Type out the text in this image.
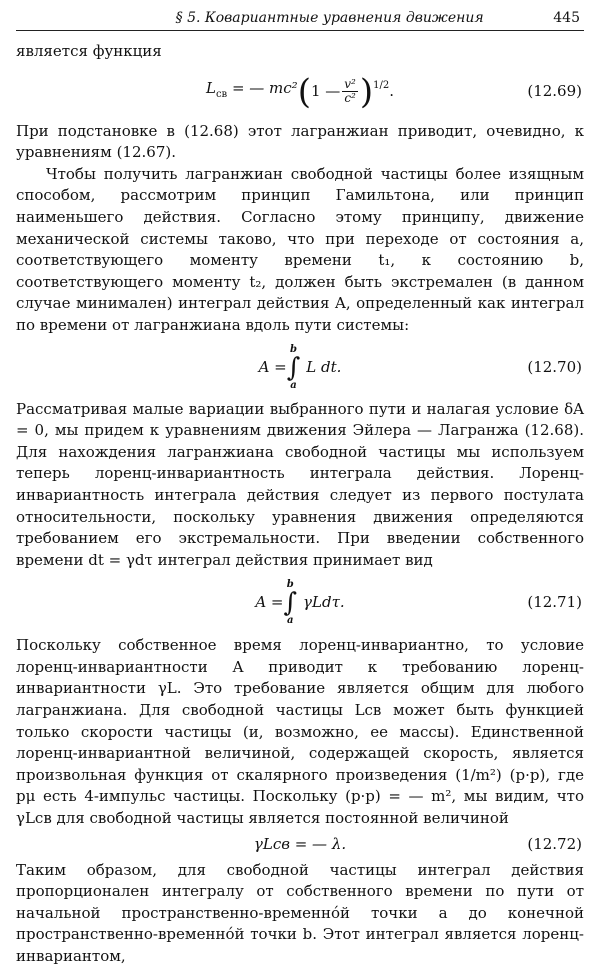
§ 5. Ковариантные уравнения движения	445

является функция

$L_{св}$ = — mc² ( 1 — $\frac{\text{v²}}{\text{c²}} )^{1/2}$ .	(12.69)

При подстановке в (12.68) этот лагранжиан приводит, очевидно, к уравнениям (12.67).

Чтобы получить лагранжиан свободной частицы более изящным способом, рассмотрим принцип Гамильтона, или принцип наименьшего действия. Согласно этому принципу, движение механической системы таково, что при переходе от состояния a, соответствующего моменту времени t₁, к состоянию b, соответствующего моменту t₂, должен быть экстремален (в данном случае минимален) интеграл действия A, определенный как интеграл по времени от лагранжиана вдоль пути системы:

A =
b
∫
a
L dt.	(12.70)

Рассматривая малые вариации выбранного пути и налагая условие δA = 0, мы придем к уравнениям движения Эйлера — Лагранжа (12.68). Для нахождения лагранжиана свободной частицы мы используем теперь лоренц-инвариантность интеграла действия. Лоренц-инвариантность интеграла действия следует из первого постулата относительности, поскольку уравнения движения определяются требованием его экстремальности. При введении собственного времени dt = γdτ интеграл действия принимает вид

A =
b
∫
a
γLdτ.	(12.71)

Поскольку собственное время лоренц-инвариантно, то условие лоренц-инвариантности A приводит к требованию лоренц-инвариантности γL. Это требование является общим для любого лагранжиана. Для свободной частицы Lсв может быть функцией только скорости частицы (и, возможно, ее массы). Единственной лоренц-инвариантной величиной, содержащей скорость, является произвольная функция от скалярного произведения (1/m²) (p·p), где pμ есть 4-импульс частицы. Поскольку (p·p) = — m², мы видим, что γLсв для свободной частицы является постоянной величиной

γLсв = — λ.	(12.72)

Таким образом, для свободной частицы интеграл действия пропорционален интегралу от собственного времени по пути от начальной пространственно-временнóй точки a до конечной пространственно-временнóй точки b. Этот интеграл является лоренц-инвариантом,
